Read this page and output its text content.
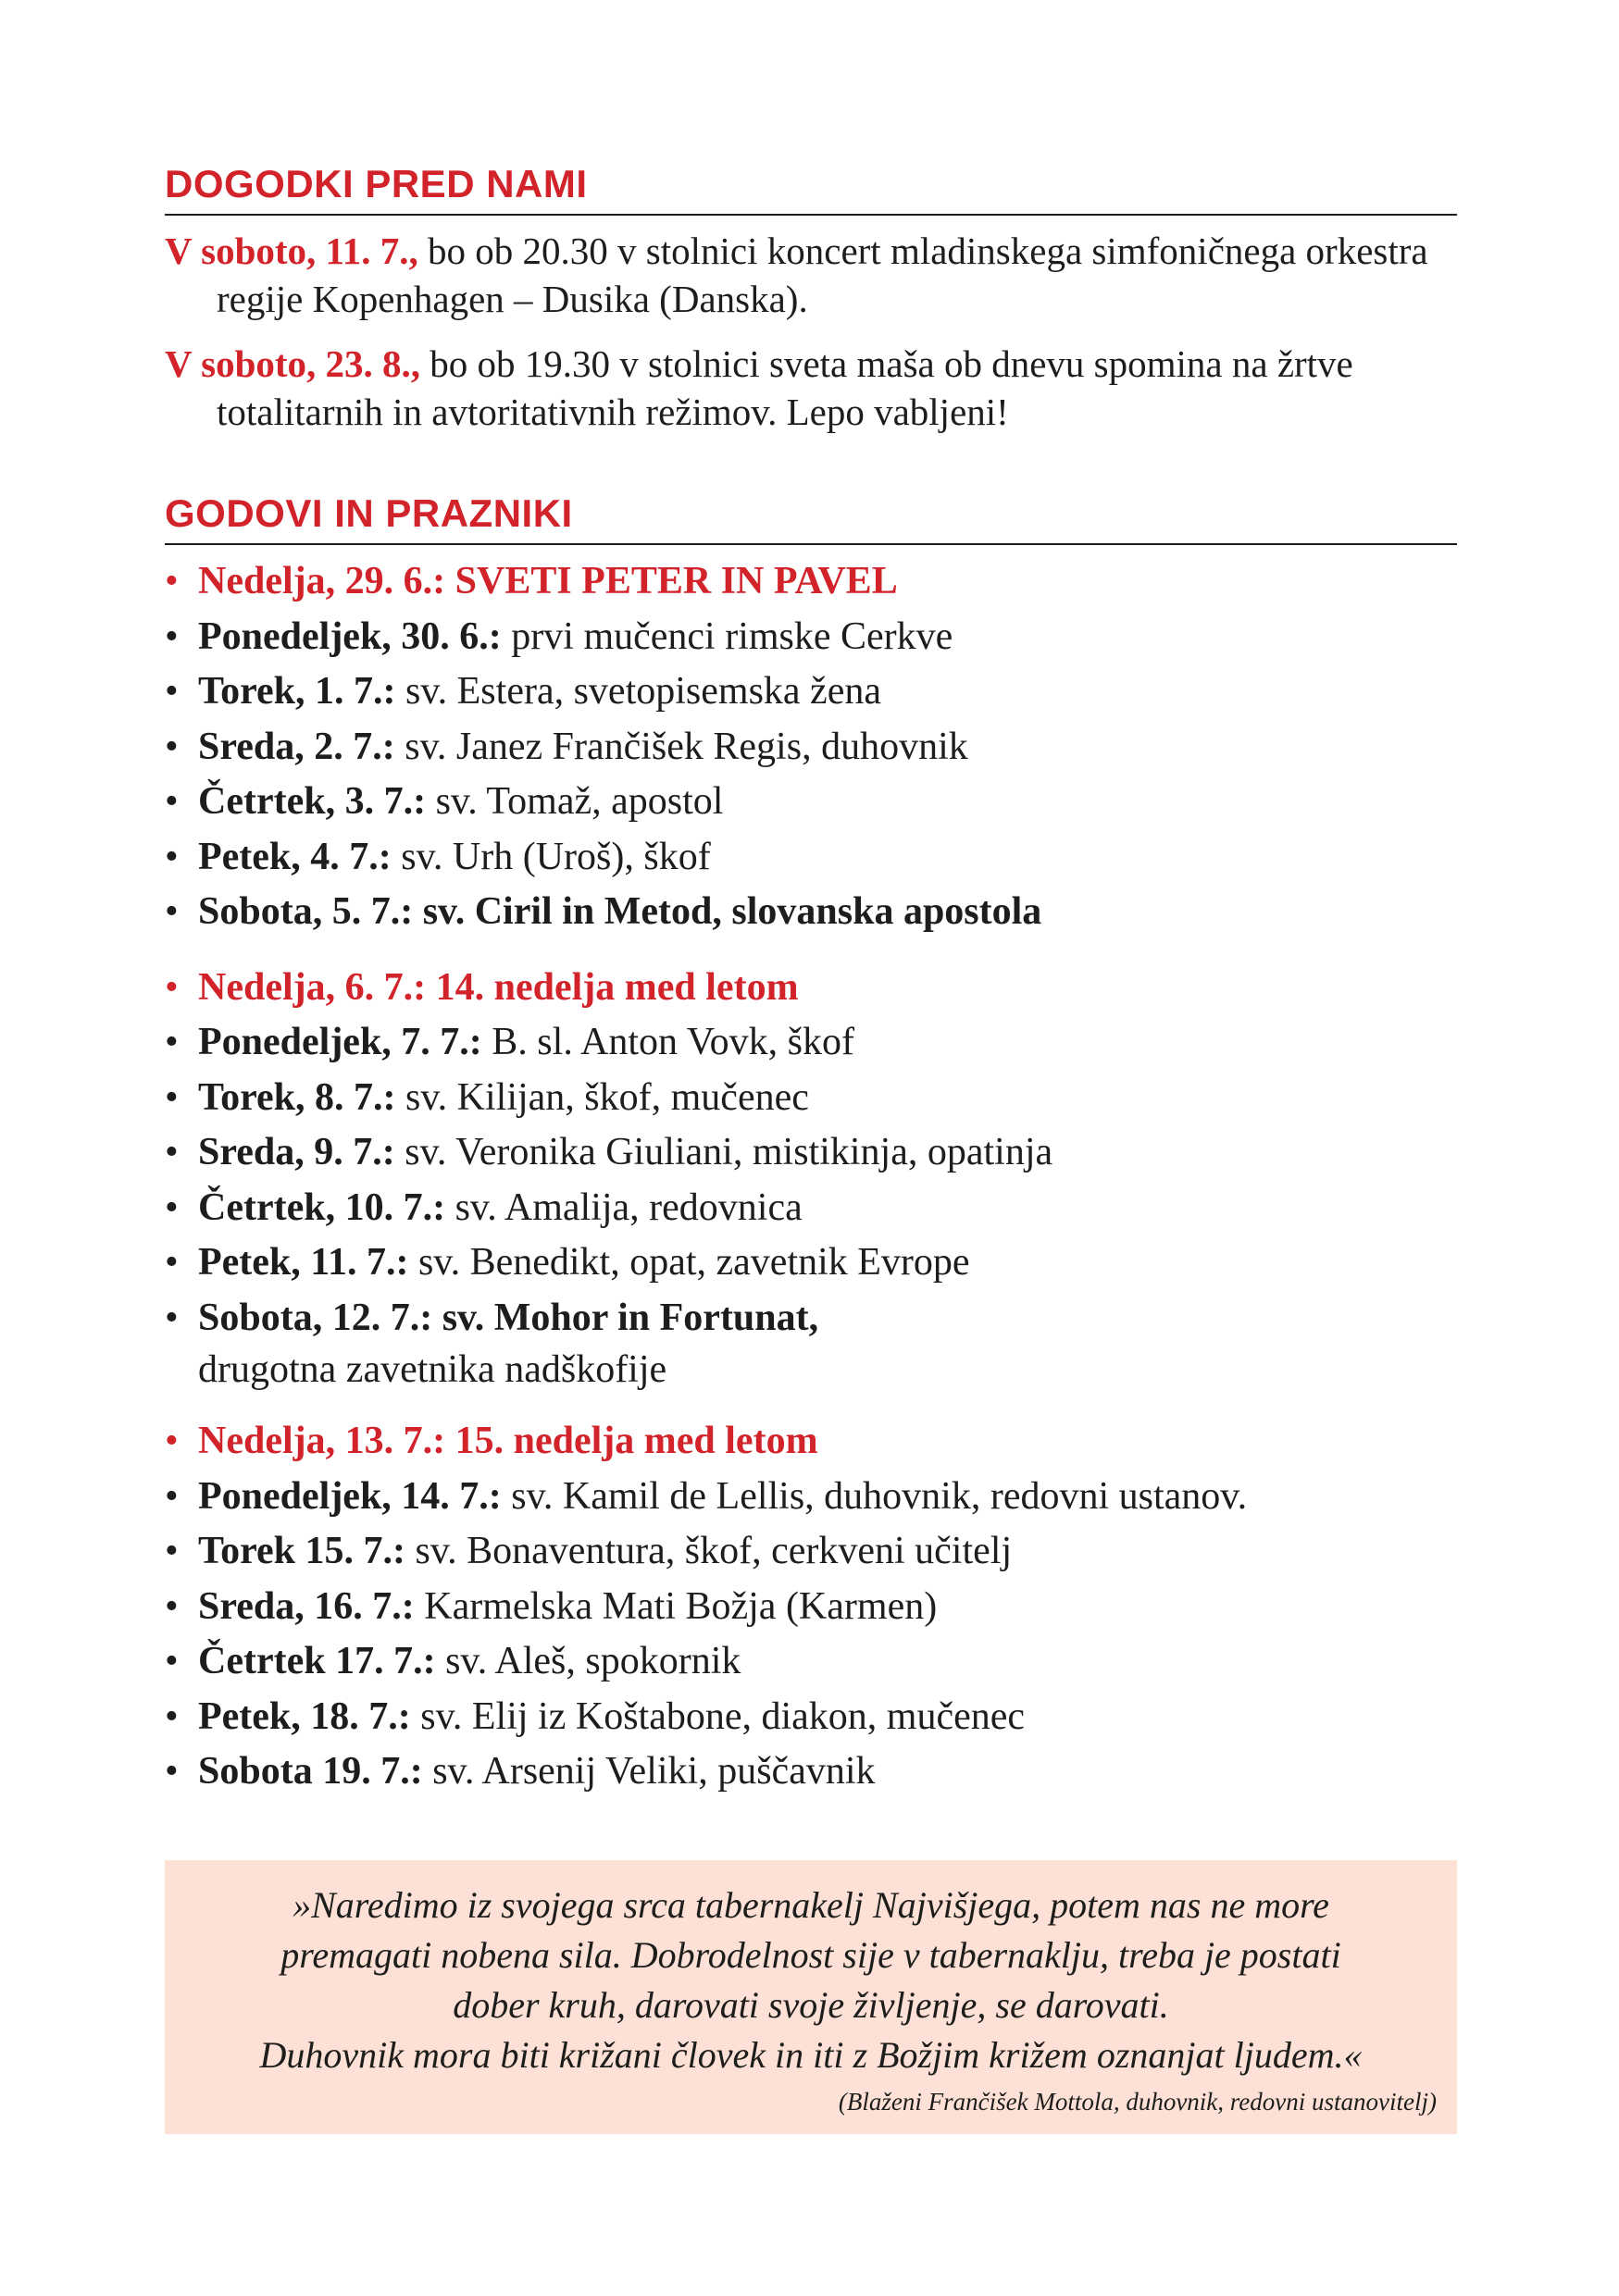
DOGODKI PRED NAMI
V soboto, 11. 7., bo ob 20.30 v stolnici koncert mladinskega simfoničnega orkestra regije Kopenhagen – Dusika (Danska).
V soboto, 23. 8., bo ob 19.30 v stolnici sveta maša ob dnevu spomina na žrtve totalitarnih in avtoritativnih režimov. Lepo vabljeni!
GODOVI IN PRAZNIKI
• Nedelja, 29. 6.: SVETI PETER IN PAVEL
• Ponedeljek, 30. 6.: prvi mučenci rimske Cerkve
• Torek, 1. 7.: sv. Estera, svetopisemska žena
• Sreda, 2. 7.: sv. Janez Frančišek Regis, duhovnik
• Četrtek, 3. 7.: sv. Tomaž, apostol
• Petek, 4. 7.: sv. Urh (Uroš), škof
• Sobota, 5. 7.: sv. Ciril in Metod, slovanska apostola
• Nedelja, 6. 7.: 14. nedelja med letom
• Ponedeljek, 7. 7.: B. sl. Anton Vovk, škof
• Torek, 8. 7.: sv. Kilijan, škof, mučenec
• Sreda, 9. 7.: sv. Veronika Giuliani, mistikinja, opatinja
• Četrtek, 10. 7.: sv. Amalija, redovnica
• Petek, 11. 7.: sv. Benedikt, opat, zavetnik Evrope
• Sobota, 12. 7.: sv. Mohor in Fortunat,
drugotna zavetnika nadškofije
• Nedelja, 13. 7.: 15. nedelja med letom
• Ponedeljek, 14. 7.: sv. Kamil de Lellis, duhovnik, redovni ustanov.
• Torek 15. 7.: sv. Bonaventura, škof, cerkveni učitelj
• Sreda, 16. 7.: Karmelska Mati Božja (Karmen)
• Četrtek 17. 7.: sv. Aleš, spokornik
• Petek, 18. 7.: sv. Elij iz Koštabone, diakon, mučenec
• Sobota 19. 7.: sv. Arsenij Veliki, puščavnik
»Naredimo iz svojega srca tabernakelj Najvišjega, potem nas ne more
premagati nobena sila. Dobrodelnost sije v tabernaklju, treba je postati
dober kruh, darovati svoje življenje, se darovati.
Duhovnik mora biti križani človek in iti z Božjim križem oznanjat ljudem.«
(Blaženi Frančišek Mottola, duhovnik, redovni ustanovitelj)
